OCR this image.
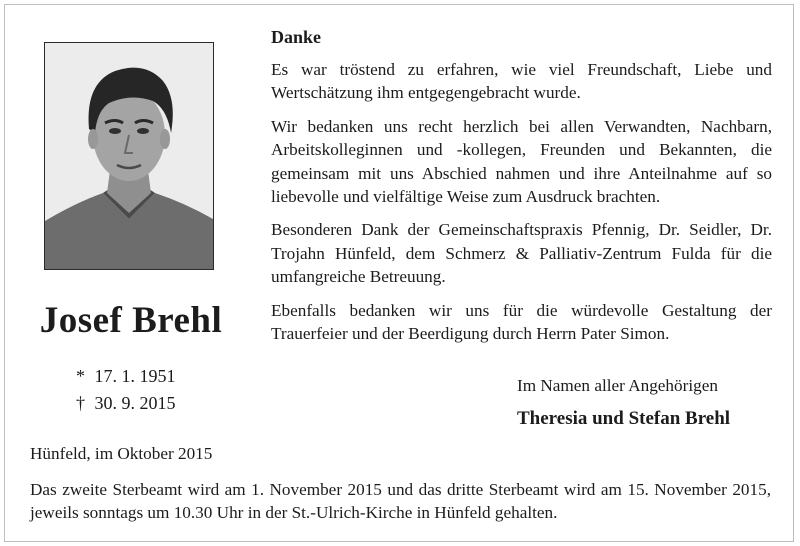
Josef Brehl
* 17. 1. 1951
† 30. 9. 2015
Danke

Es war tröstend zu erfahren, wie viel Freundschaft, Liebe und Wertschätzung ihm entgegengebracht wurde.

Wir bedanken uns recht herzlich bei allen Verwandten, Nachbarn, Arbeitskolleginnen und -kollegen, Freunden und Bekannten, die gemeinsam mit uns Abschied nahmen und ihre Anteilnahme auf so liebevolle und vielfältige Weise zum Ausdruck brachten.

Besonderen Dank der Gemeinschaftspraxis Pfennig, Dr. Seidler, Dr. Trojahn Hünfeld, dem Schmerz & Palliativ-Zentrum Fulda für die umfangreiche Betreuung.

Ebenfalls bedanken wir uns für die würdevolle Gestaltung der Trauerfeier und der Beerdigung durch Herrn Pater Simon.

Im Namen aller Angehörigen
Theresia und Stefan Brehl
Hünfeld, im Oktober 2015
Das zweite Sterbeamt wird am 1. November 2015 und das dritte Sterbeamt wird am 15. November 2015, jeweils sonntags um 10.30 Uhr in der St.-Ulrich-Kirche in Hünfeld gehalten.
